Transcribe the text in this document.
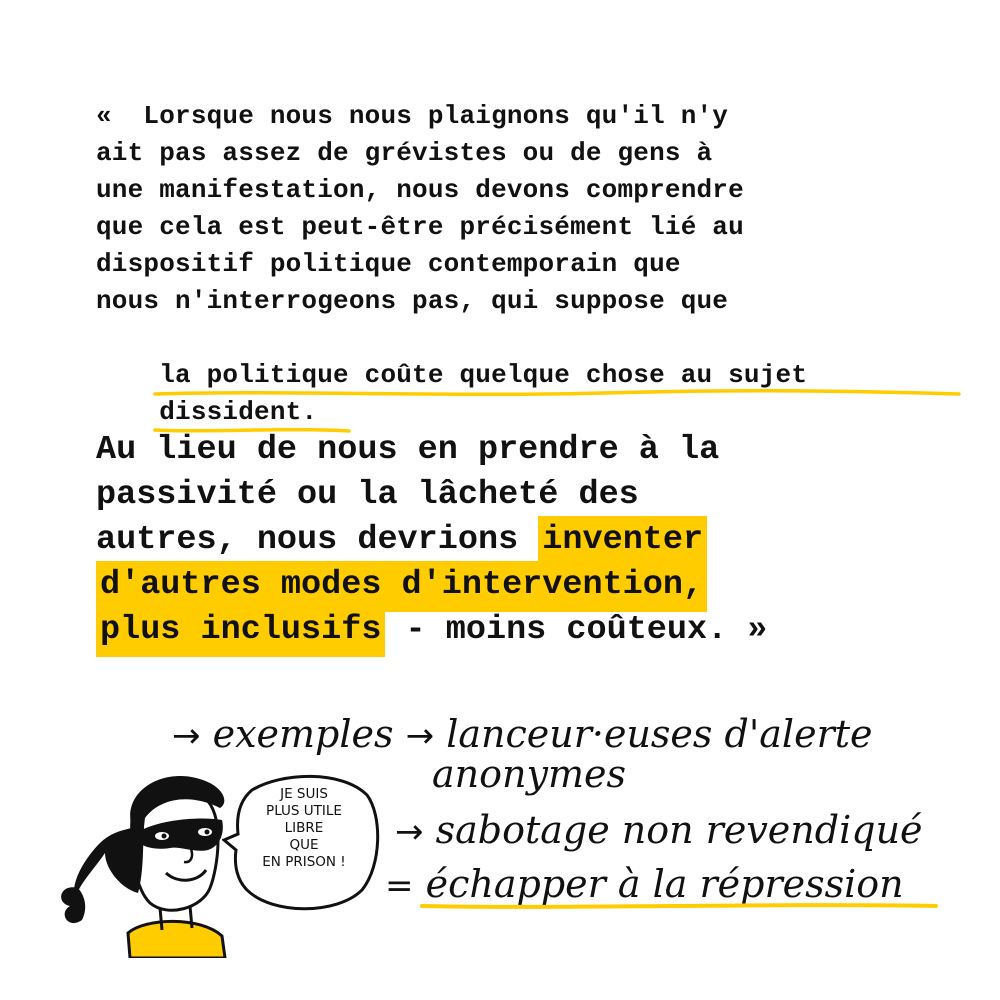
«  Lorsque nous nous plaignons qu'il n'y
ait pas assez de grévistes ou de gens à
une manifestation, nous devons comprendre
que cela est peut-être précisément lié au
dispositif politique contemporain que
nous n'interrogeons pas, qui suppose que

la politique coûte quelque chose au sujet

dissident.

Au lieu de nous en prendre à la
passivité ou la lâcheté des
autres, nous devrions inventer
d'autres modes d'intervention,
plus inclusifs - moins coûteux. »
→ exemples → lanceur·euses d'alerte
anonymes
→ sabotage non revendiqué
= échapper à la répression
JE SUIS
PLUS UTILE
LIBRE
QUE
EN PRISON !
